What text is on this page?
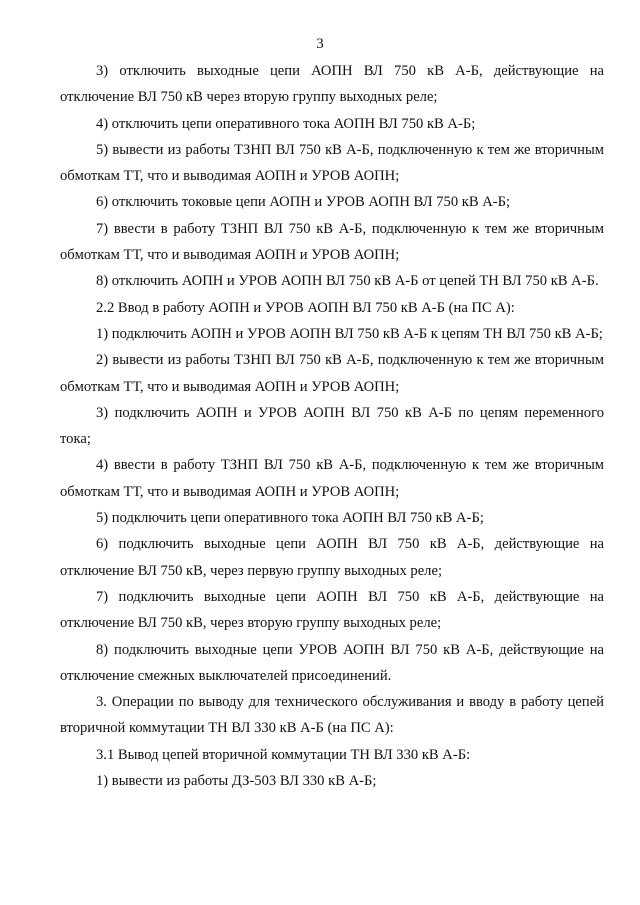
3

3) отключить выходные цепи АОПН ВЛ 750 кВ А-Б, действующие на отключение ВЛ 750 кВ через вторую группу выходных реле;

4) отключить цепи оперативного тока АОПН ВЛ 750 кВ А-Б;

5) вывести из работы ТЗНП ВЛ 750 кВ А-Б, подключенную к тем же вторичным обмоткам ТТ, что и выводимая АОПН и УРОВ АОПН;

6) отключить токовые цепи АОПН и УРОВ АОПН ВЛ 750 кВ А-Б;

7) ввести в работу ТЗНП ВЛ 750 кВ А-Б, подключенную к тем же вторичным обмоткам ТТ, что и выводимая АОПН и УРОВ АОПН;

8) отключить АОПН и УРОВ АОПН ВЛ 750 кВ А-Б от цепей ТН ВЛ 750 кВ А-Б.

2.2 Ввод в работу АОПН и УРОВ АОПН ВЛ 750 кВ А-Б (на ПС А):

1) подключить АОПН и УРОВ АОПН ВЛ 750 кВ А-Б к цепям ТН ВЛ 750 кВ А-Б;

2) вывести из работы ТЗНП ВЛ 750 кВ А-Б, подключенную к тем же вторичным обмоткам ТТ, что и выводимая АОПН и УРОВ АОПН;

3) подключить АОПН и УРОВ АОПН ВЛ 750 кВ А-Б по цепям переменного тока;

4) ввести в работу ТЗНП ВЛ 750 кВ А-Б, подключенную к тем же вторичным обмоткам ТТ, что и выводимая АОПН и УРОВ АОПН;

5) подключить цепи оперативного тока АОПН ВЛ 750 кВ А-Б;

6) подключить выходные цепи АОПН ВЛ 750 кВ А-Б, действующие на отключение ВЛ 750 кВ, через первую группу выходных реле;

7) подключить выходные цепи АОПН ВЛ 750 кВ А-Б, действующие на отключение ВЛ 750 кВ, через вторую группу выходных реле;

8) подключить выходные цепи УРОВ АОПН ВЛ 750 кВ А-Б, действующие на отключение смежных выключателей присоединений.

3. Операции по выводу для технического обслуживания и вводу в работу цепей вторичной коммутации ТН ВЛ 330 кВ А-Б (на ПС А):

3.1 Вывод цепей вторичной коммутации ТН ВЛ 330 кВ А-Б:

1) вывести из работы ДЗ-503 ВЛ 330 кВ А-Б;
